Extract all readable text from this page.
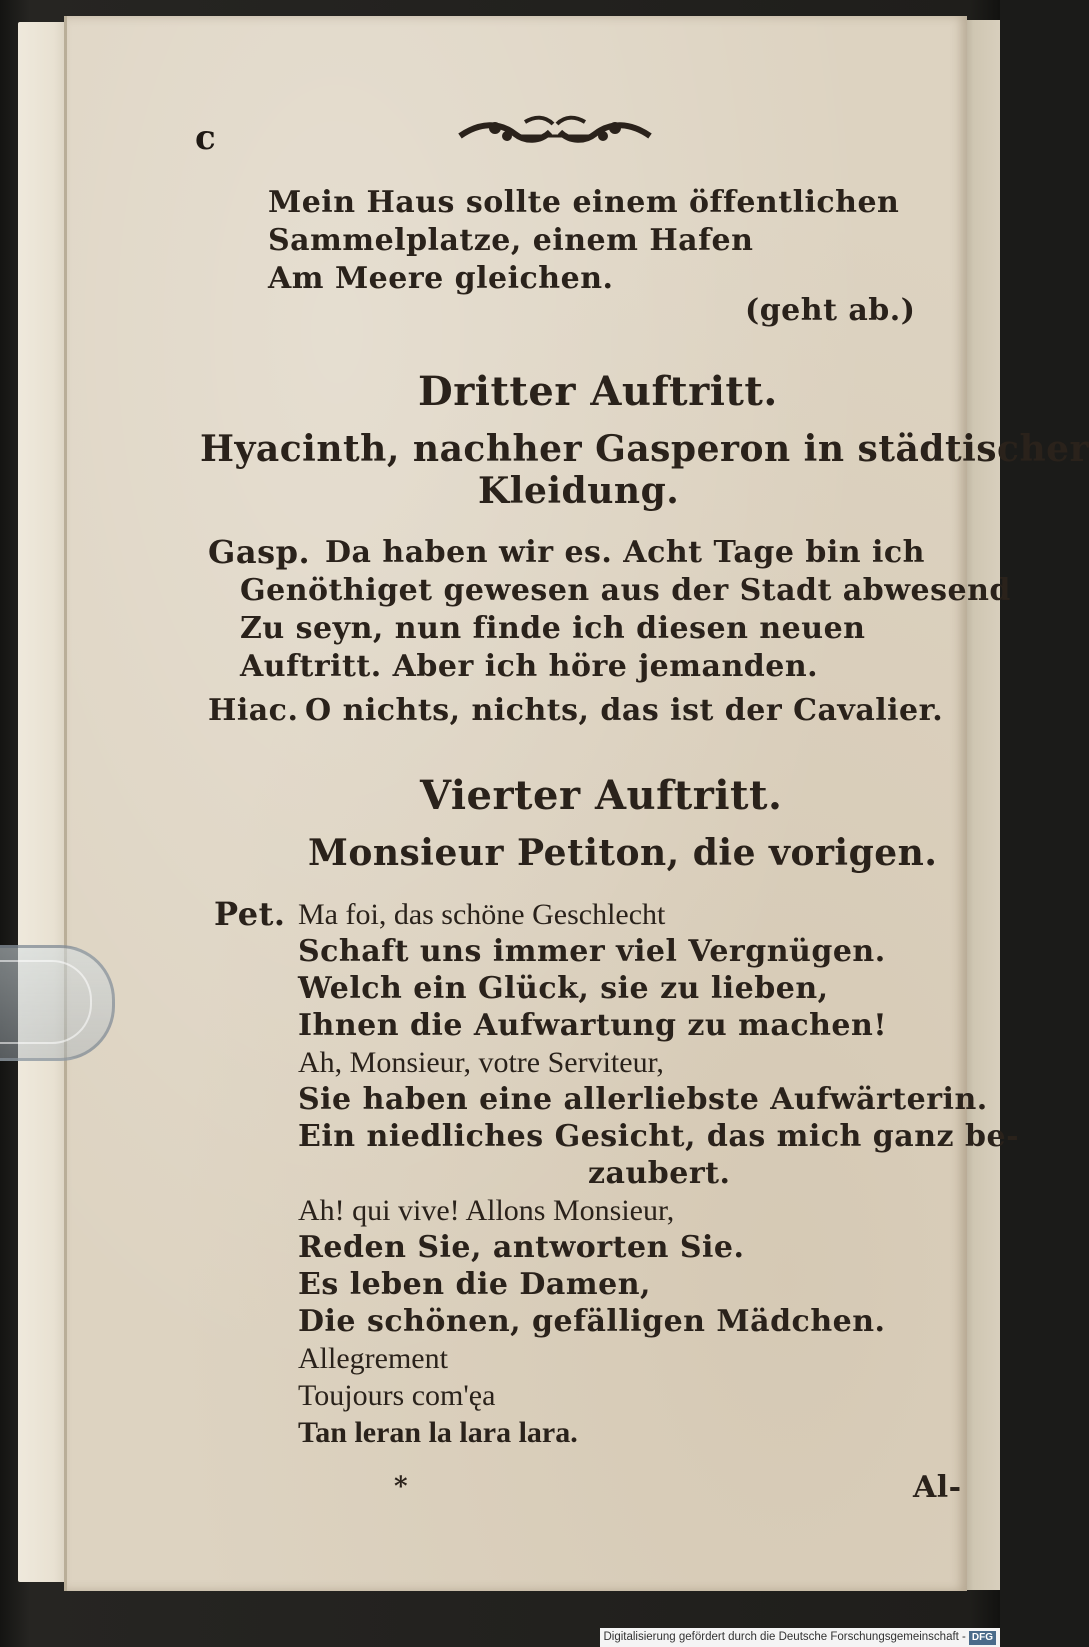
c
Mein Haus sollte einem öffentlichen
Sammelplatze, einem Hafen
Am Meere gleichen.
(geht ab.)
Dritter Auftritt.
Hyacinth, nachher Gasperon in städtischer
Kleidung.
Gasp. Da haben wir es. Acht Tage bin ich
Genöthiget gewesen aus der Stadt abwesend
Zu seyn, nun finde ich diesen neuen
Auftritt. Aber ich höre jemanden.
Hiac. O nichts, nichts, das ist der Cavalier.
Vierter Auftritt.
Monsieur Petiton, die vorigen.
Pet. Ma foi, das schöne Geschlecht
Schaft uns immer viel Vergnügen.
Welch ein Glück, sie zu lieben,
Ihnen die Aufwartung zu machen!
Ah, Monsieur, votre Serviteur,
Sie haben eine allerliebste Aufwärterin.
Ein niedliches Gesicht, das mich ganz be-
zaubert.
Ah! qui vive! Allons Monsieur,
Reden Sie, antworten Sie.
Es leben die Damen,
Die schönen, gefälligen Mädchen.
Allegrement
Toujours com'ęa
Tan leran la lara lara.
*	Al-
Digitalisierung gefördert durch die Deutsche Forschungsgemeinschaft - DFG
